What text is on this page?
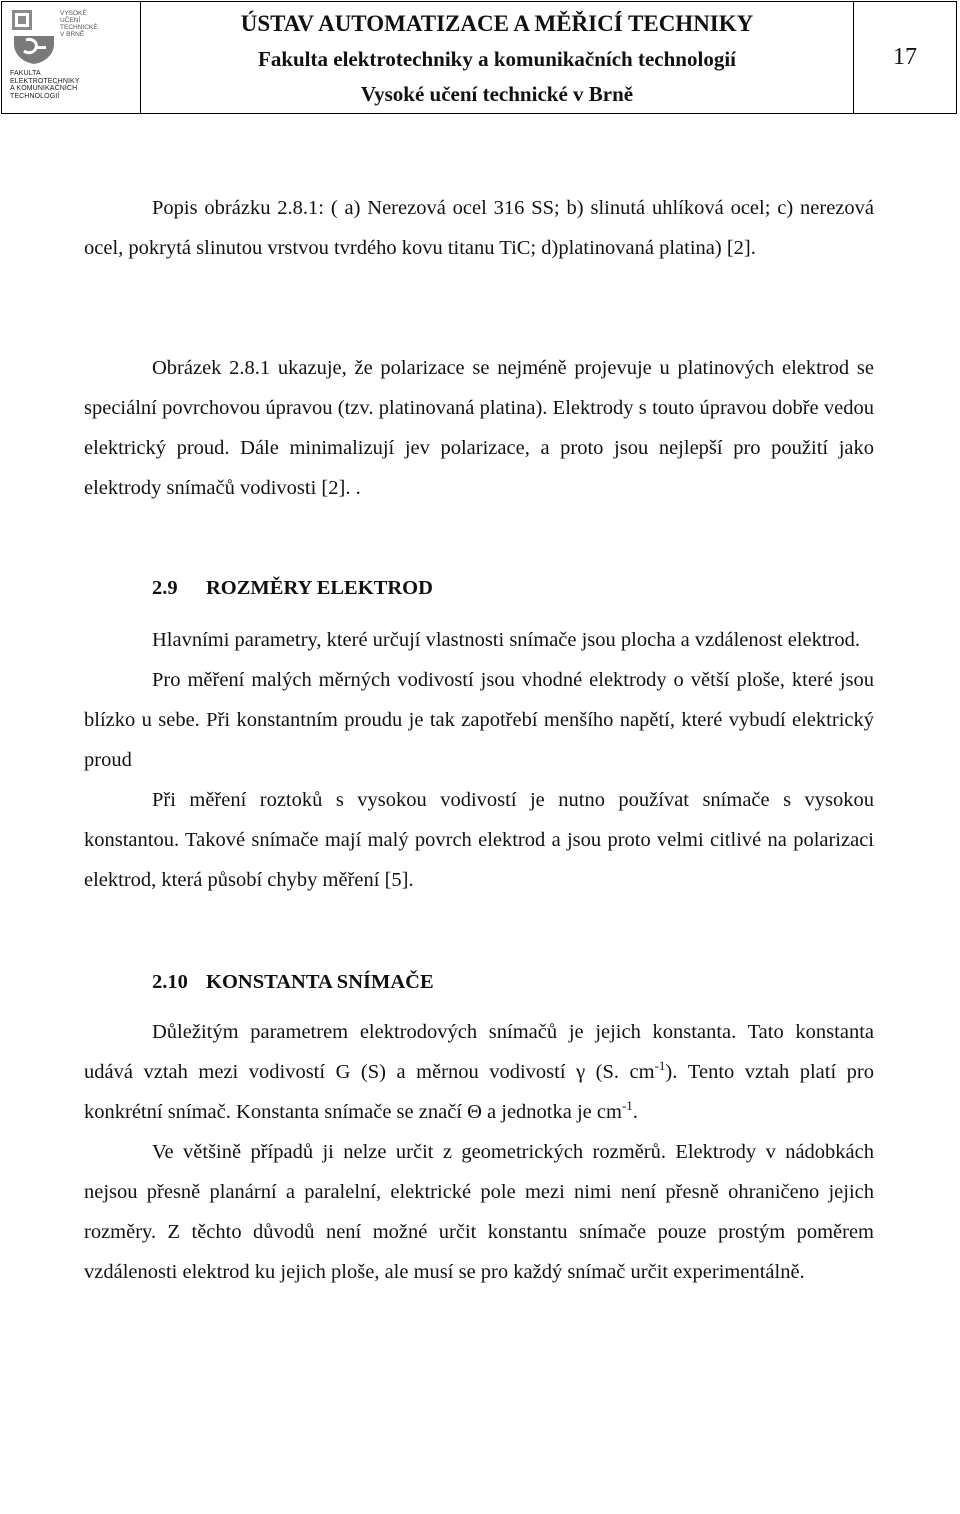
VYSOKÉ
UČENÍ
TECHNICKÉ
V BRNĚ
FAKULTA
ELEKTROTECHNIKY
A KOMUNIKAČNÍCH
TECHNOLOGIÍ
ÚSTAV AUTOMATIZACE A MĚŘICÍ TECHNIKY
Fakulta elektrotechniky a komunikačních technologií
Vysoké učení technické v Brně
17

Popis obrázku 2.8.1: ( a) Nerezová ocel 316 SS; b) slinutá uhlíková ocel; c) nerezová ocel, pokrytá slinutou vrstvou tvrdého kovu titanu TiC; d)platinovaná platina) [2].

Obrázek 2.8.1 ukazuje, že polarizace se nejméně projevuje u platinových elektrod se speciální povrchovou úpravou (tzv. platinovaná platina). Elektrody s touto úpravou dobře vedou elektrický proud. Dále minimalizují jev polarizace, a proto jsou nejlepší pro použití jako elektrody snímačů vodivosti [2]. .

2.9 ROZMĚRY ELEKTROD

Hlavními parametry, které určují vlastnosti snímače jsou plocha a vzdálenost elektrod.

Pro měření malých měrných vodivostí jsou vhodné elektrody o větší ploše, které jsou blízko u sebe. Při konstantním proudu je tak zapotřebí menšího napětí, které vybudí elektrický proud

Při měření roztoků s vysokou vodivostí je nutno používat snímače s vysokou konstantou. Takové snímače mají malý povrch elektrod a jsou proto velmi citlivé na polarizaci elektrod, která působí chyby měření [5].

2.10 KONSTANTA SNÍMAČE

Důležitým parametrem elektrodových snímačů je jejich konstanta. Tato konstanta udává vztah mezi vodivostí G (S) a měrnou vodivostí γ (S. $cm^{-1}$). Tento vztah platí pro konkrétní snímač. Konstanta snímače se značí Θ a jednotka je $cm^{-1}$.

Ve většině případů ji nelze určit z geometrických rozměrů. Elektrody v nádobkách nejsou přesně planární a paralelní, elektrické pole mezi nimi není přesně ohraničeno jejich rozměry. Z těchto důvodů není možné určit konstantu snímače pouze prostým poměrem vzdálenosti elektrod ku jejich ploše, ale musí se pro každý snímač určit experimentálně.
